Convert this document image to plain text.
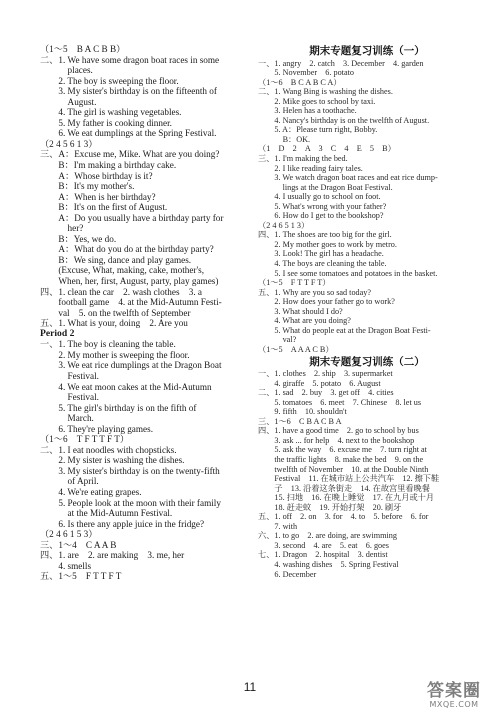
（1～5　B A C B B）
二、1. We have some dragon boat races in some
　　　places.
　　2. The boy is sweeping the floor.
　　3. My sister's birthday is on the fifteenth of
　　　August.
　　4. The girl is washing vegetables.
　　5. My father is cooking dinner.
　　6. We eat dumplings at the Spring Festival.
（2 4 5 6 1 3）
三、A：Excuse me, Mike. What are you doing?
　　B：I'm making a birthday cake.
　　A：Whose birthday is it?
　　B：It's my mother's.
　　A：When is her birthday?
　　B：It's on the first of August.
　　A：Do you usually have a birthday party for
　　　her?
　　B：Yes, we do.
　　A：What do you do at the birthday party?
　　B：We sing, dance and play games.
　　(Excuse, What, making, cake, mother's,
　　When, her, first, August, party, play games)
四、1. clean the car　2. wash clothes　3. a
　　football game　4. at the Mid-Autumn Festi-
　　val　5. on the twelfth of September
五、1. What is your, doing　2. Are you
Period 2
一、1. The boy is cleaning the table.
　　2. My mother is sweeping the floor.
　　3. We eat rice dumplings at the Dragon Boat
　　　Festival.
　　4. We eat moon cakes at the Mid-Autumn
　　　Festival.
　　5. The girl's birthday is on the fifth of
　　　March.
　　6. They're playing games.
（1～6　T F T T F T）
二、1. I eat noodles with chopsticks.
　　2. My sister is washing the dishes.
　　3. My sister's birthday is on the twenty-fifth
　　　of April.
　　4. We're eating grapes.
　　5. People look at the moon with their family
　　　at the Mid-Autumn Festival.
　　6. Is there any apple juice in the fridge?
（2 4 6 1 5 3）
三、1～4　C A A B
四、1. are　2. are making　3. me, her
　　4. smells
五、1～5　F T T F T
期末专题复习训练（一）
一、1. angry　2. catch　3. December　4. garden
　　5. November　6. potato
（1～6　B C A B C A）
二、1. Wang Bing is washing the dishes.
　　2. Mike goes to school by taxi.
　　3. Helen has a toothache.
　　4. Nancy's birthday is on the twelfth of August.
　　5. A：Please turn right, Bobby.
　　　B：OK.
（1　D　2　A　3　C　4　E　5　B）
三、1. I'm making the bed.
　　2. I like reading fairy tales.
　　3. We watch dragon boat races and eat rice dump-
　　　lings at the Dragon Boat Festival.
　　4. I usually go to school on foot.
　　5. What's wrong with your father?
　　6. How do I get to the bookshop?
（2 4 6 5 1 3）
四、1. The shoes are too big for the girl.
　　2. My mother goes to work by metro.
　　3. Look! The girl has a headache.
　　4. The boys are cleaning the table.
　　5. I see some tomatoes and potatoes in the basket.
（1～5　F T T F T）
五、1. Why are you so sad today?
　　2. How does your father go to work?
　　3. What should I do?
　　4. What are you doing?
　　5. What do people eat at the Dragon Boat Festi-
　　　val?
（1～5　A A A C B）
期末专题复习训练（二）
一、1. clothes　2. ship　3. supermarket
　　4. giraffe　5. potato　6. August
二、1. sad　2. buy　3. get off　4. cities
　　5. tomatoes　6. meet　7. Chinese　8. let us
　　9. fifth　10. shouldn't
三、1～6　C B A C B A
四、1. have a good time　2. go to school by bus
　　3. ask ... for help　4. next to the bookshop
　　5. ask the way　6. excuse me　7. turn right at
　　the traffic lights　8. make the bed　9. on the
　　twelfth of November　10. at the Double Ninth
　　Festival　11. 在城市站上公共汽车　12. 擦下鞋
　　子　13. 沿着这条街走　14. 在故宫里看晚餐
　　15. 扫地　16. 在晚上睡觉　17. 在九月或十月
　　18. 赶走蚊　19. 开始打架　20. 刷牙
五、1. off　2. on　3. for　4. to　5. before　6. for
　　7. with
六、1. to go　2. are doing, are swimming
　　3. second　4. are　5. eat　6. goes
七、1. Dragon　2. hospital　3. dentist
　　4. washing dishes　5. Spring Festival
　　6. December
11	答案圈
MXQE.COM
